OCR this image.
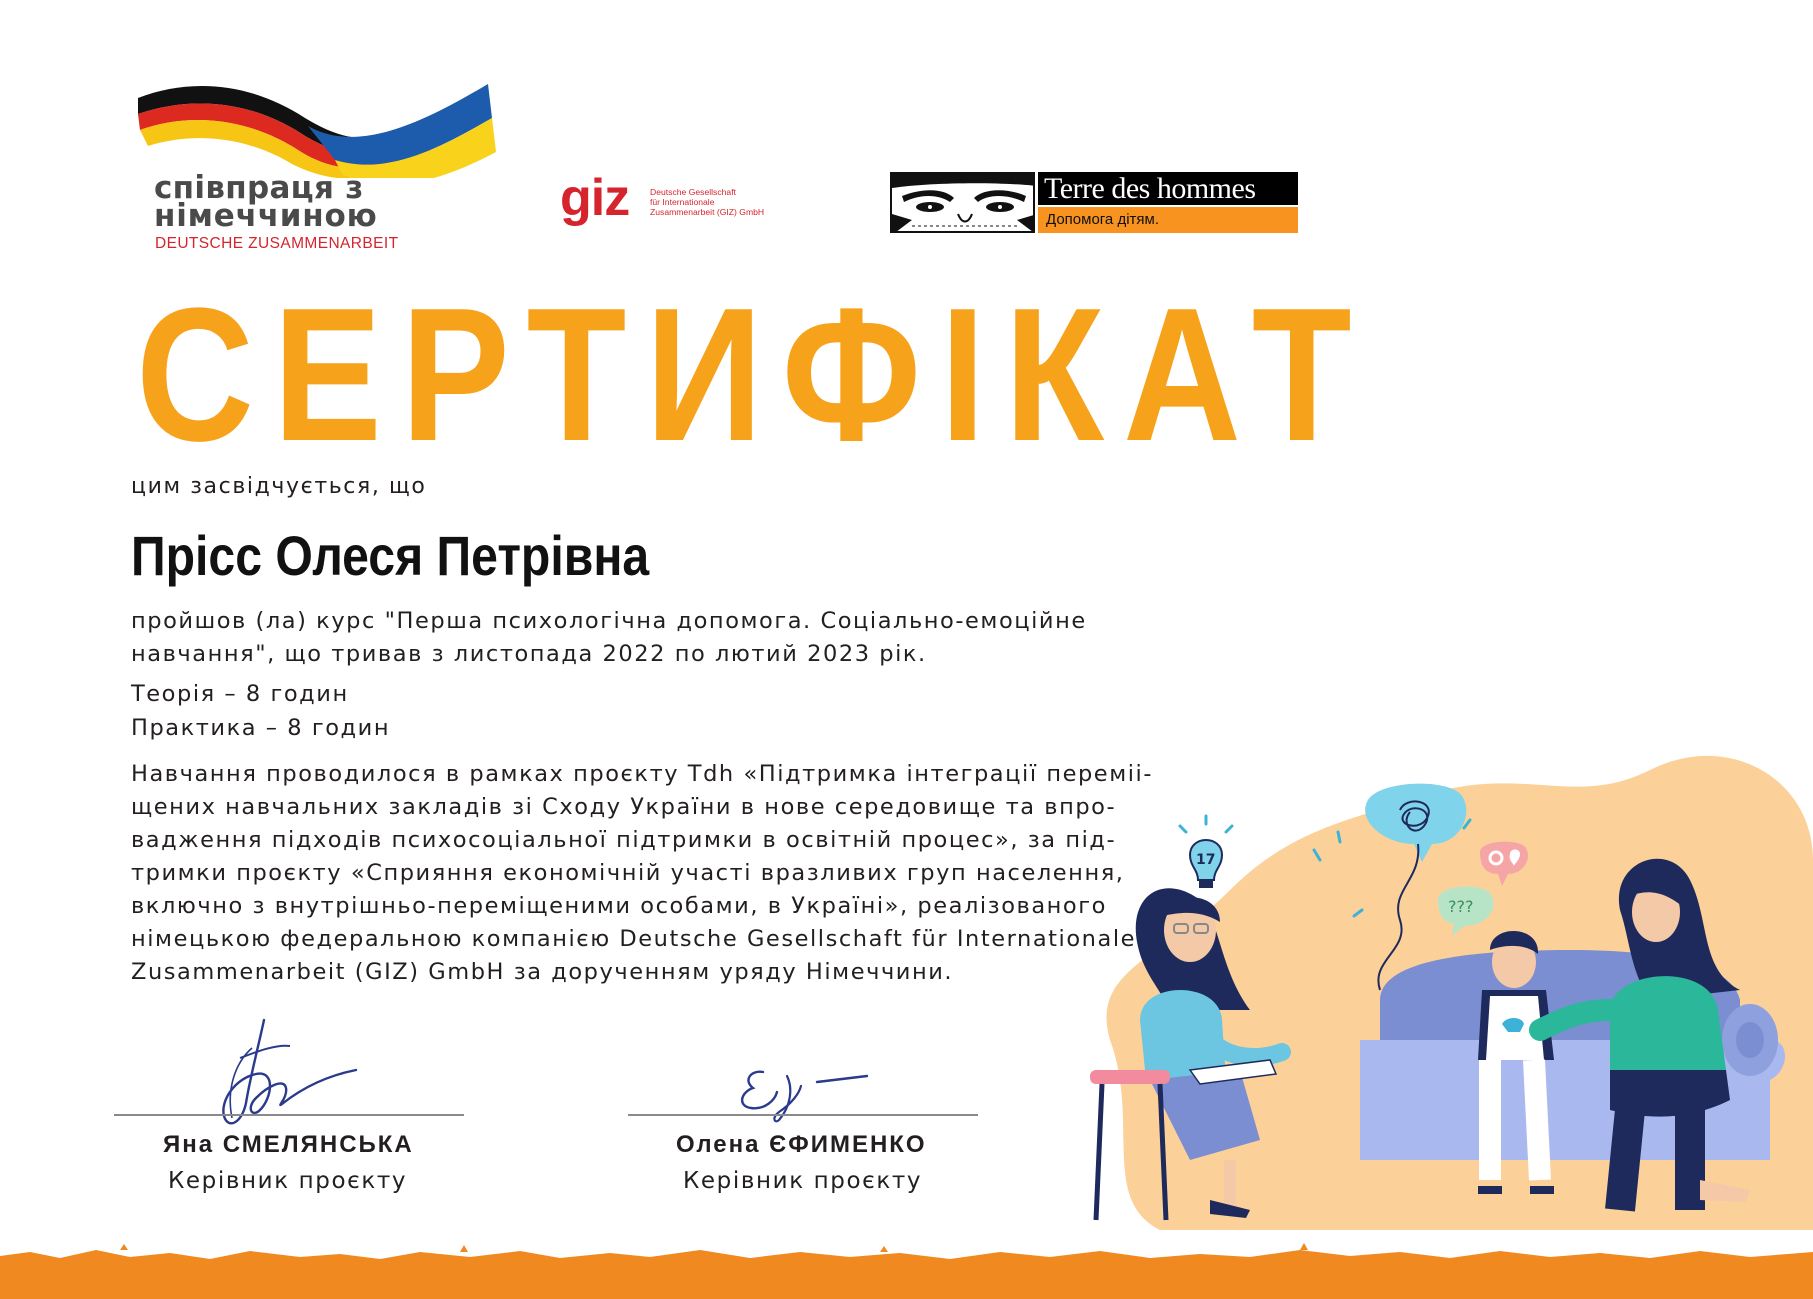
співпраця з
німеччиною
DEUTSCHE ZUSAMMENARBEIT
giz Deutsche Gesellschaft
für Internationale
Zusammenarbeit (GIZ) GmbH
Terre des hommes
Допомога дітям.
СЕРТИФІКАТ
цим засвідчується, що
Прісс Олеся Петрівна
пройшов (ла) курс "Перша психологічна допомога. Соціально-емоційне
навчання", що тривав з листопада 2022 по лютий 2023 рік.
Теорія – 8 годин
Практика – 8 годин
Навчання проводилося в рамках проєкту Tdh «Підтримка інтеграції переміі-
щених навчальних закладів зі Сходу України в нове середовище та впро-
вадження підходів психосоціальної підтримки в освітній процес», за під-
тримки проєкту «Сприяння економічній участі вразливих груп населення,
включно з внутрішньо-переміщеними особами, в Україні», реалізованого
німецькою федеральною компанією Deutsche Gesellschaft für Internationale
Zusammenarbeit (GIZ) GmbH за дорученням уряду Німеччини.
Яна СМЕЛЯНСЬКА
Керівник проєкту
Олена ЄФИМЕНКО
Керівник проєкту
17
???
